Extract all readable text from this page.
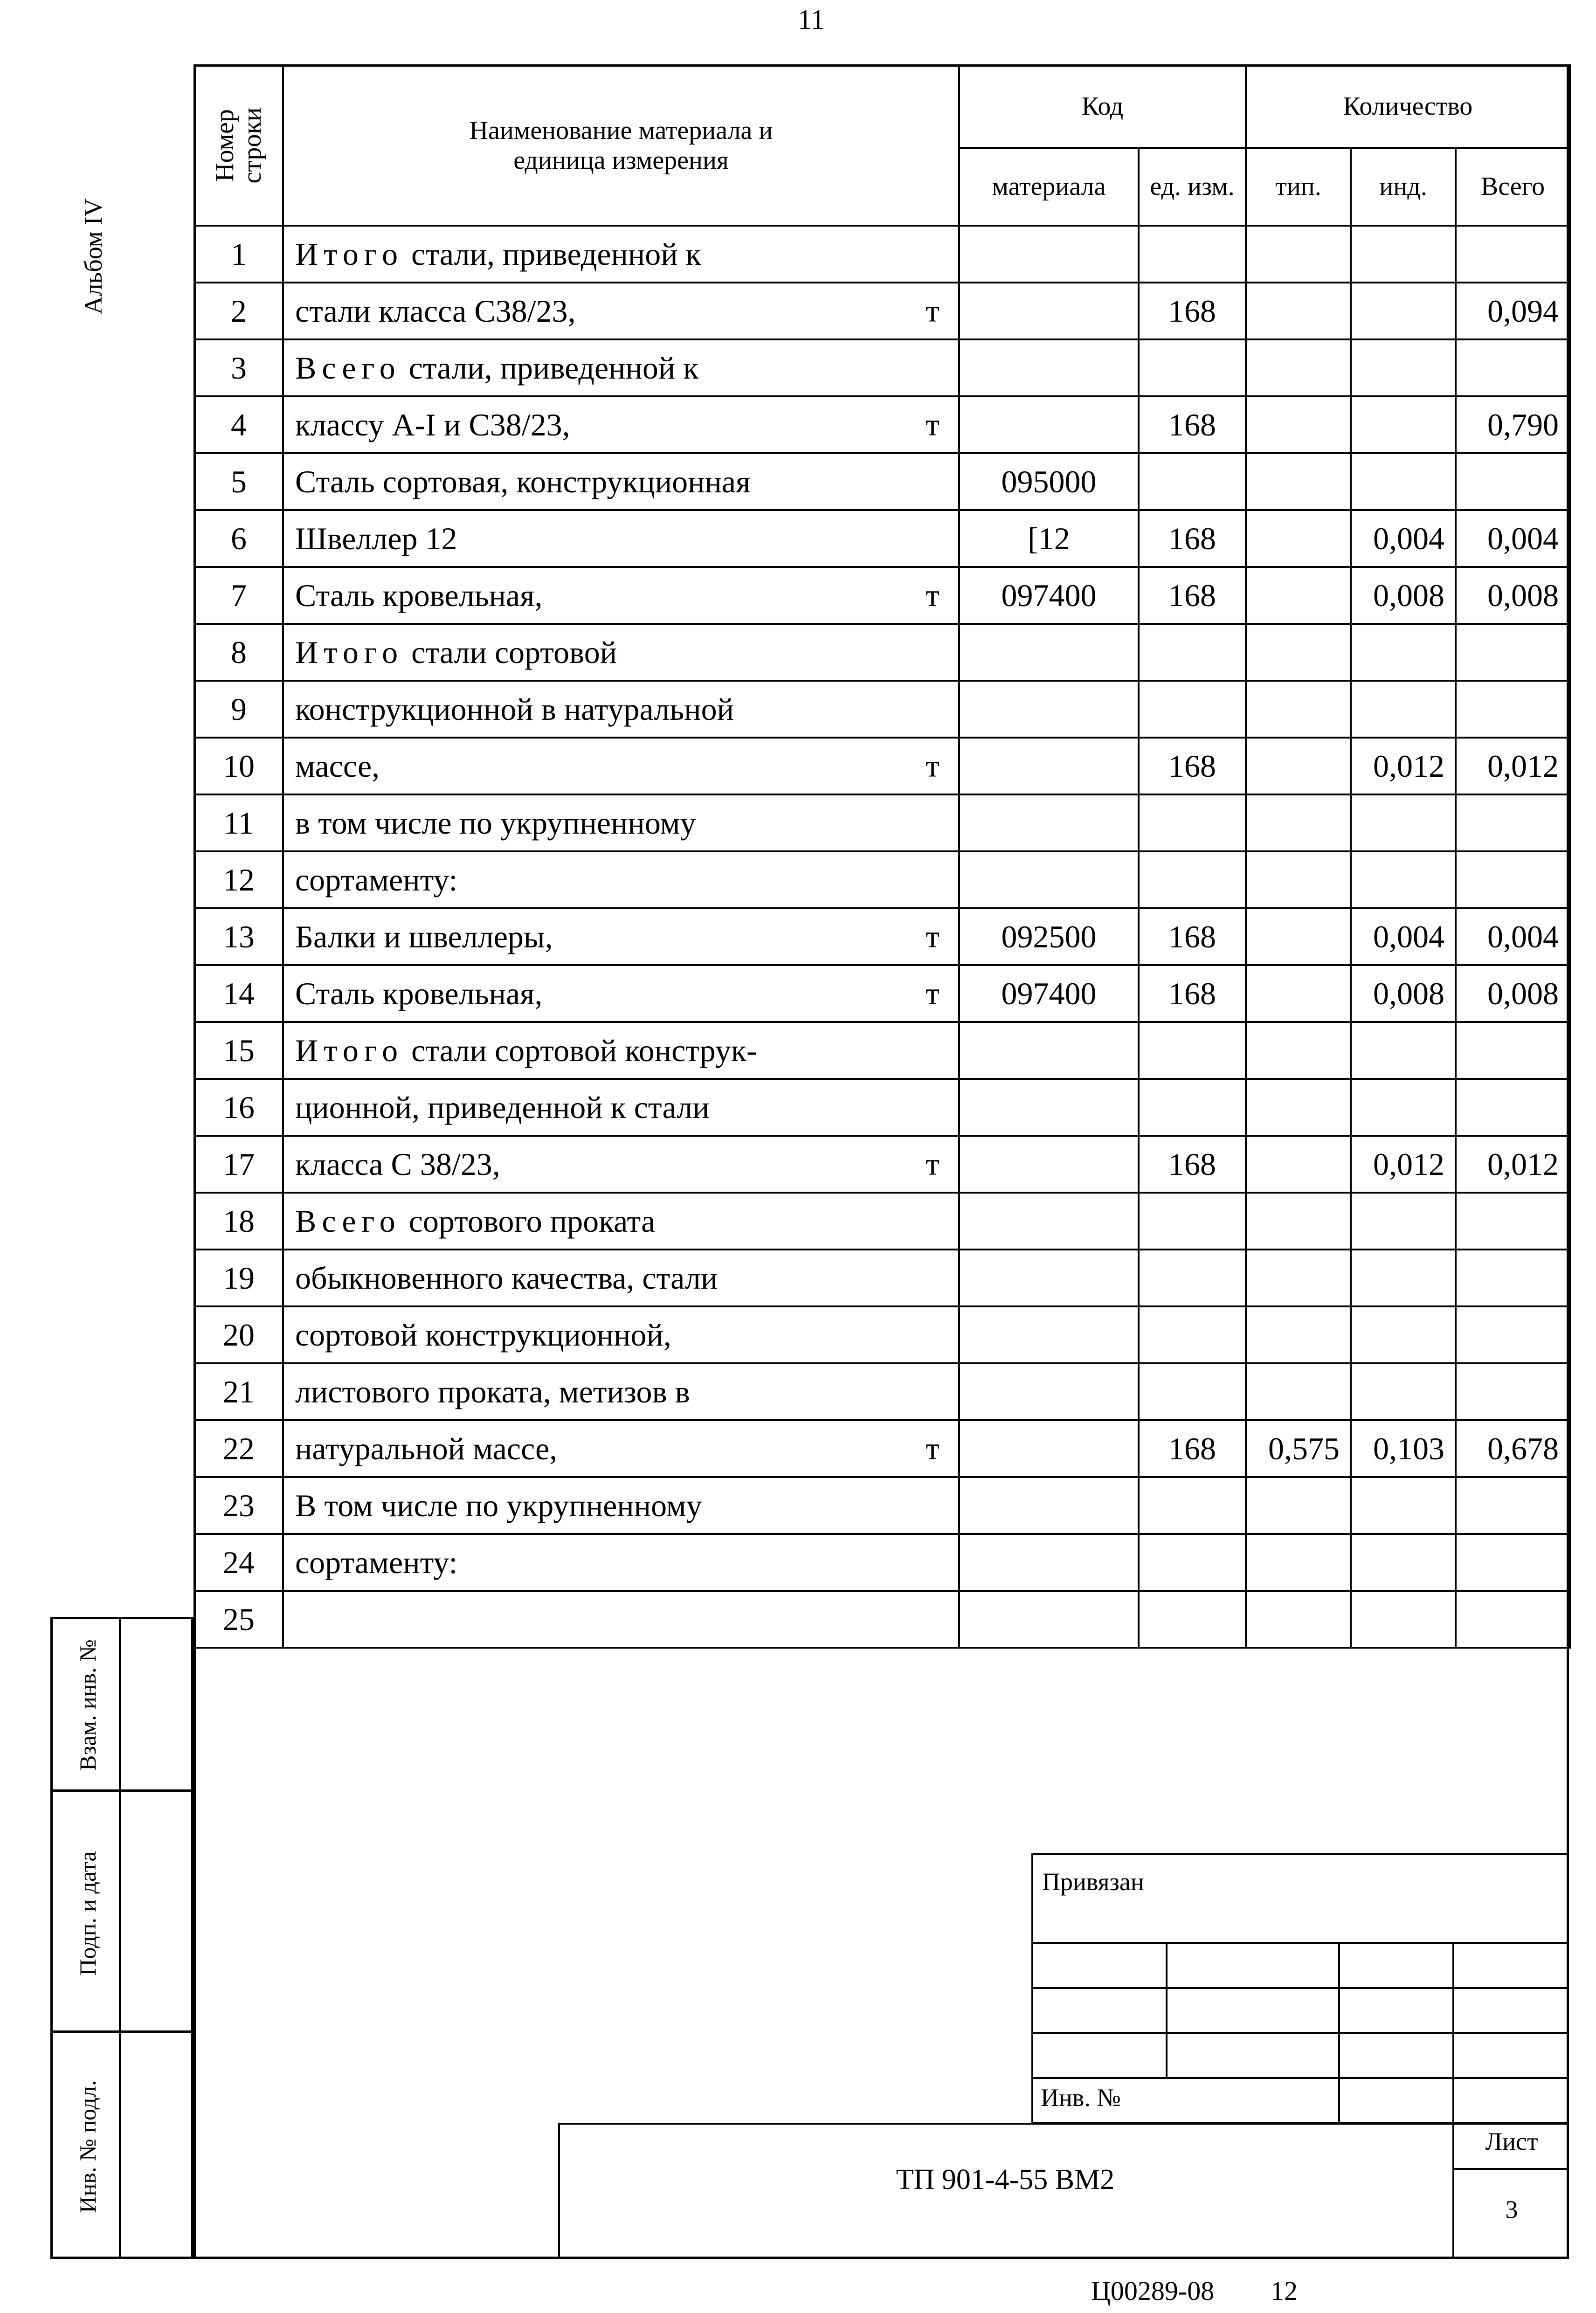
11
Альбом IV
Номер строки	Наименование материала и единица измерения	Код		Количество		
		материала	ед. изм.	тип.	инд.	Всего
1	Итого стали, приведенной к

2	стали класса С38/23, т		168			0,094
3	Всего стали, приведенной к

4	классу А-I и С38/23, т		168			0,790
5	Сталь сортовая, конструкционная	095000				
6	Швеллер 12	[12	168		0,004	0,004
7	Сталь кровельная, т	097400	168		0,008	0,008
8	Итого стали сортовой

9	конструкционной в натуральной

10	массе, т		168		0,012	0,012
11	в том числе по укрупненному

12	сортаменту:

13	Балки и швеллеры, т	092500	168		0,004	0,004
14	Сталь кровельная, т	097400	168		0,008	0,008
15	Итого стали сортовой конструк-

16	ционной, приведенной к стали

17	класса С 38/23, т		168		0,012	0,012
18	Всего сортового проката

19	обыкновенного качества, стали

20	сортовой конструкционной,

21	листового проката, метизов в

22	натуральной массе, т		168	0,575	0,103	0,678
23	В том числе по укрупненному

24	сортаменту:

25	

Взам. инв. №
Подп. и дата
Инв. № подл.
Привязан
Инв. №
ТП 901-4-55 ВМ2
Лист
3
Ц00289-08 12
